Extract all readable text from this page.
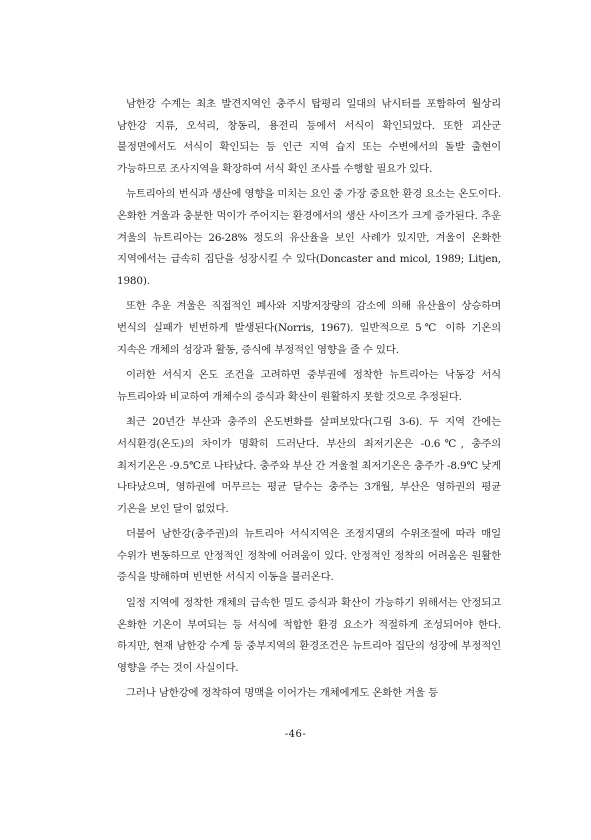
남한강 수계는 최초 발견지역인 충주시 탑평리 일대의 낚시터를 포함하여 월상리 남한강 지류, 오석리, 창동리, 용전리 등에서 서식이 확인되었다. 또한 괴산군 불정면에서도 서식이 확인되는 등 인근 지역 습지 또는 수변에서의 돌발 출현이 가능하므로 조사지역을 확장하여 서식 확인 조사를 수행할 필요가 있다.

뉴트리아의 번식과 생산에 영향을 미치는 요인 중 가장 중요한 환경 요소는 온도이다. 온화한 겨울과 충분한 먹이가 주어지는 환경에서의 생산 사이즈가 크게 증가된다. 추운 겨울의 뉴트리아는 26-28% 정도의 유산율을 보인 사례가 있지만, 겨울이 온화한 지역에서는 급속히 집단을 성장시킬 수 있다(Doncaster and micol, 1989; Litjen, 1980).

또한 추운 겨울은 직접적인 폐사와 지방저장량의 감소에 의해 유산율이 상승하며 번식의 실패가 빈번하게 발생된다(Norris, 1967). 일반적으로 5℃ 이하 기온의 지속은 개체의 성장과 활동, 증식에 부정적인 영향을 줄 수 있다.

이러한 서식지 온도 조건을 고려하면 중부권에 정착한 뉴트리아는 낙동강 서식 뉴트리아와 비교하여 개체수의 증식과 확산이 원활하지 못할 것으로 추정된다.

최근 20년간 부산과 충주의 온도변화를 살펴보았다(그림 3-6). 두 지역 간에는 서식환경(온도)의 차이가 명확히 드러난다. 부산의 최저기온은 -0.6℃, 충주의 최저기온은 -9.5℃로 나타났다. 충주와 부산 간 겨울철 최저기온은 충주가 -8.9℃ 낮게 나타났으며, 영하권에 머무르는 평균 달수는 충주는 3개월, 부산은 영하권의 평균 기온을 보인 달이 없었다.

더불어 남한강(충주권)의 뉴트리아 서식지역은 조정지댐의 수위조절에 따라 매일 수위가 변동하므로 안정적인 정착에 어려움이 있다. 안정적인 정착의 어려움은 원활한 증식을 방해하며 빈번한 서식지 이동을 불러온다.

일정 지역에 정착한 개체의 급속한 밀도 증식과 확산이 가능하기 위해서는 안정되고 온화한 기온이 부여되는 등 서식에 적합한 환경 요소가 적절하게 조성되어야 한다. 하지만, 현재 남한강 수계 등 중부지역의 환경조건은 뉴트리아 집단의 성장에 부정적인 영향을 주는 것이 사실이다.

그러나 남한강에 정착하여 명맥을 이어가는 개체에게도 온화한 겨울 등

-46-
